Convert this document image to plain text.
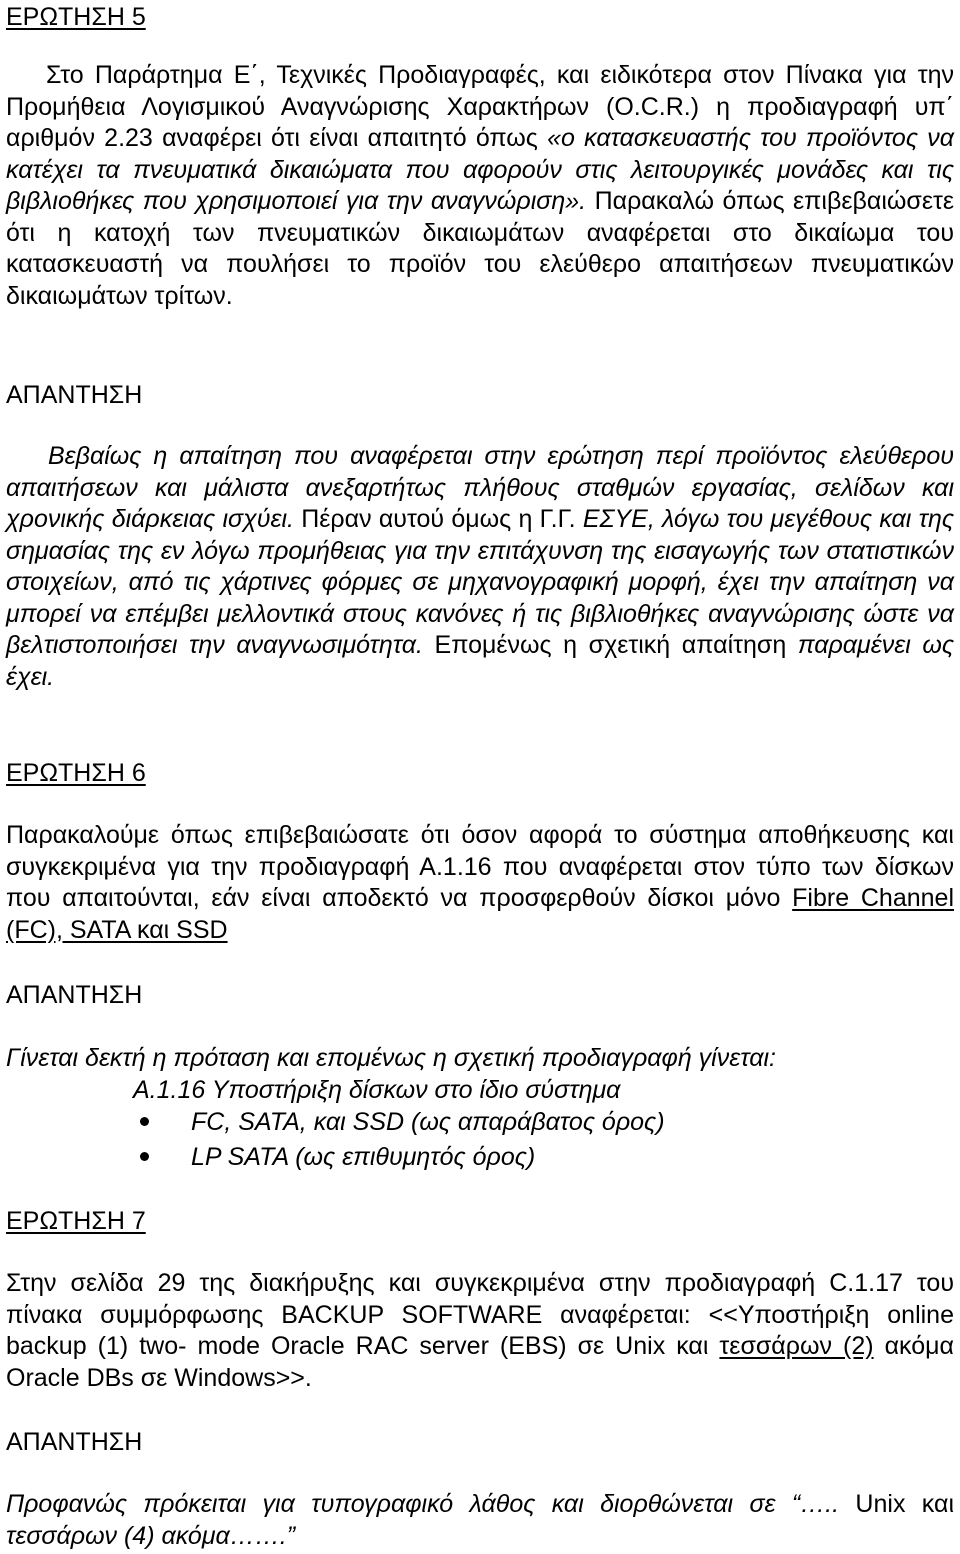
ΕΡΩΤΗΣΗ 5
Στο Παράρτημα Ε΄, Τεχνικές Προδιαγραφές, και ειδικότερα στον Πίνακα για την Προμήθεια Λογισμικού Αναγνώρισης Χαρακτήρων (O.C.R.) η προδιαγραφή υπ΄ αριθμόν 2.23 αναφέρει ότι είναι απαιτητό όπως «ο κατασκευαστής του προϊόντος να κατέχει τα πνευματικά δικαιώματα που αφορούν στις λειτουργικές μονάδες και τις βιβλιοθήκες που χρησιμοποιεί για την αναγνώριση». Παρακαλώ όπως επιβεβαιώσετε ότι η κατοχή των πνευματικών δικαιωμάτων αναφέρεται στο δικαίωμα του κατασκευαστή να πουλήσει το προϊόν του ελεύθερο απαιτήσεων πνευματικών δικαιωμάτων τρίτων.
ΑΠΑΝΤΗΣΗ
Βεβαίως η απαίτηση που αναφέρεται στην ερώτηση περί προϊόντος ελεύθερου απαιτήσεων και μάλιστα ανεξαρτήτως πλήθους σταθμών εργασίας, σελίδων και χρονικής διάρκειας ισχύει. Πέραν αυτού όμως η Γ.Γ. ΕΣΥΕ, λόγω του μεγέθους και της σημασίας της εν λόγω προμήθειας για την επιτάχυνση της εισαγωγής των στατιστικών στοιχείων, από τις χάρτινες φόρμες σε μηχανογραφική μορφή, έχει την απαίτηση να μπορεί να επέμβει μελλοντικά στους κανόνες ή τις βιβλιοθήκες αναγνώρισης ώστε να βελτιστοποιήσει την αναγνωσιμότητα. Επομένως η σχετική απαίτηση παραμένει ως έχει.
ΕΡΩΤΗΣΗ 6
Παρακαλούμε όπως επιβεβαιώσατε ότι όσον αφορά το σύστημα αποθήκευσης και συγκεκριμένα για την προδιαγραφή Α.1.16 που αναφέρεται στον τύπο των δίσκων που απαιτούνται, εάν είναι αποδεκτό να προσφερθούν δίσκοι μόνο Fibre Channel (FC), SATA και SSD
ΑΠΑΝΤΗΣΗ
Γίνεται δεκτή η πρόταση και επομένως η σχετική προδιαγραφή γίνεται:
Α.1.16 Υποστήριξη δίσκων στο ίδιο σύστημα
FC, SATA, και SSD (ως απαράβατος όρος)
LP SATA (ως επιθυμητός όρος)
ΕΡΩΤΗΣΗ 7
Στην σελίδα 29 της διακήρυξης και συγκεκριμένα στην προδιαγραφή C.1.17 του πίνακα συμμόρφωσης BACKUP SOFTWARE αναφέρεται: <<Υποστήριξη online backup (1) two- mode Oracle RAC server (EBS) σε Unix και τεσσάρων (2) ακόμα Oracle DBs σε Windows>>.
ΑΠΑΝΤΗΣΗ
Προφανώς πρόκειται για τυπογραφικό λάθος και διορθώνεται σε “….. Unix και τεσσάρων (4) ακόμα…….”
